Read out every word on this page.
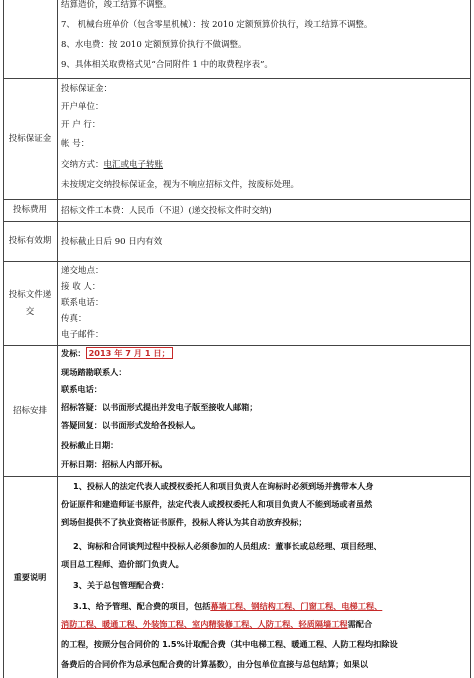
结算造价，竣工结算不调整。
7、 机械台班单价（包含零星机械）：按 2010 定额预算价执行，竣工结算不调整。
8、水电费：按 2010 定额预算价执行不做调整。
9、具体相关取费格式见“合同附件 1 中的取费程序表”。
投标保证金
投标保证金：
开户单位：
开 户 行：
帐 号：
交纳方式：电汇或电子转账
未按规定交纳投标保证金，视为不响应招标文件，按废标处理。
投标费用	招标文件工本费：人民币（不退）(递交投标文件时交纳)
投标有效期	投标截止日后 90 日内有效
投标文件递交
递交地点：
接 收 人：
联系电话：
传真：
电子邮件：
招标安排
发标： 2013 年 7 月 1 日；
现场踏勘联系人：
联系电话：
招标答疑：以书面形式提出并发电子版至接收人邮箱；
答疑回复：以书面形式发给各投标人。
投标截止日期：
开标日期：招标人内部开标。
重要说明
1、投标人的法定代表人或授权委托人和项目负责人在询标时必须到场并携带本人身
份证原件和建造师证书原件，法定代表人或授权委托人和项目负责人不能到场或者虽然
到场但提供不了执业资格证书原件，投标人将认为其自动放弃投标；
2、询标和合同谈判过程中投标人必须参加的人员组成：董事长或总经理、项目经理、
项目总工程师、造价部门负责人。
3、关于总包管理配合费：
3.1、给予管理、配合费的项目，包括幕墙工程、钢结构工程、门窗工程、电梯工程、
消防工程、暖通工程、外装饰工程、室内精装修工程、人防工程、轻质隔墙工程需配合
的工程，按照分包合同价的 1.5%计取配合费（其中电梯工程、暖通工程、人防工程均扣除设
备费后的合同价作为总承包配合费的计算基数），由分包单位直接与总包结算；如果以
